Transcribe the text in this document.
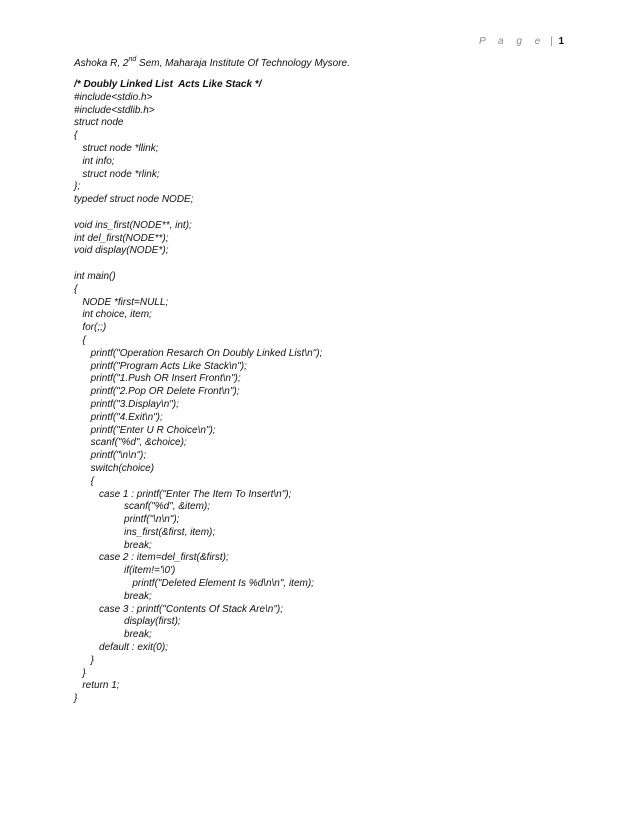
P a g e | 1
Ashoka R, 2nd Sem, Maharaja Institute Of Technology Mysore.
/* Doubly Linked List  Acts Like Stack */
#include<stdio.h>
#include<stdlib.h>
struct node
{
struct node *llink;
int info;
struct node *rlink;
};
typedef struct node NODE;
void ins_first(NODE**, int);
int del_first(NODE**);
void display(NODE*);
int main()
{
NODE *first=NULL;
int choice, item;
for(;;)
{
printf("Operation Resarch On Doubly Linked List\n");
printf("Program Acts Like Stack\n");
printf("1.Push OR Insert Front\n");
printf("2.Pop OR Delete Front\n");
printf("3.Display\n");
printf("4.Exit\n");
printf("Enter U R Choice\n");
scanf("%d", &choice);
printf("\n\n");
switch(choice)
{
case 1 : printf("Enter The Item To Insert\n");
scanf("%d", &item);
printf("\n\n");
ins_first(&first, item);
break;
case 2 : item=del_first(&first);
if(item!='\0')
printf("Deleted Element Is %d\n\n", item);
break;
case 3 : printf("Contents Of Stack Are\n");
display(first);
break;
default : exit(0);
}
}
return 1;
}
